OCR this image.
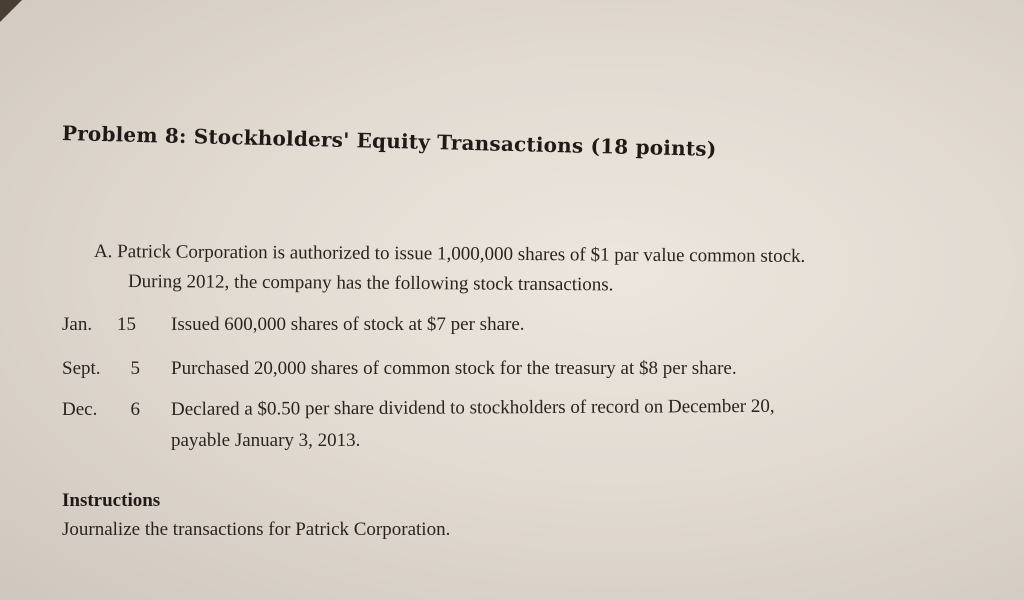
Problem 8: Stockholders' Equity Transactions (18 points)
A. Patrick Corporation is authorized to issue 1,000,000 shares of $1 par value common stock.
During 2012, the company has the following stock transactions.
Jan. 15 Issued 600,000 shares of stock at $7 per share.
Sept.	5 Purchased 20,000 shares of common stock for the treasury at $8 per share.
Dec.	6 Declared a $0.50 per share dividend to stockholders of record on December 20,
payable January 3, 2013.
Instructions
Journalize the transactions for Patrick Corporation.
